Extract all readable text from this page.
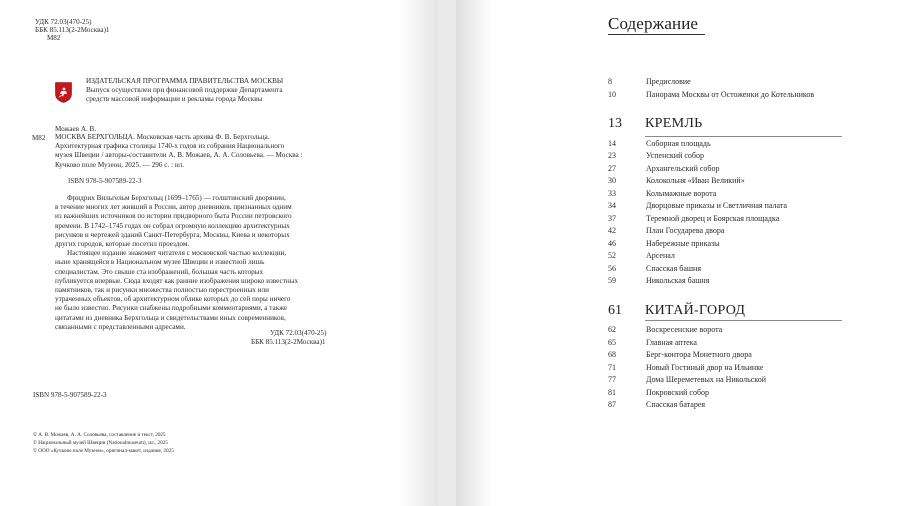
УДК 72.03(470-25)
ББК 85.113(2-2Москва)1
М82
ИЗДАТЕЛЬСКАЯ ПРОГРАММА ПРАВИТЕЛЬСТВА МОСКВЫ
Выпуск осуществлен при финансовой поддержке Департамента
средств массовой информации и рекламы города Москвы
Можаев А. В.
М82 МОСКВА БЕРХГОЛЬЦА. Московская часть архива Ф. В. Берхгольца.
Архитектурная графика столицы 1740-х годов из собрания Национального
музея Швеции / авторы-составители А. В. Можаев, А. А. Соловьева. — Москва :
Кучково поле Музеон, 2025. — 296 с. : ил.
ISBN 978-5-907589-22-3
Фридрих Вильгельм Берхгольц (1699–1765) — голштинский дворянин,
в течение многих лет живший в России, автор дневников, признанных одним
из важнейших источников по истории придворного быта России петровского
времени. В 1742–1745 годах он собрал огромную коллекцию архитектурных
рисунков и чертежей зданий Санкт-Петербурга, Москвы, Киева и некоторых
других городов, которые посетил проездом.
Настоящее издание знакомит читателя с московской частью коллекции,
ныне хранящейся в Национальном музее Швеции и известной лишь
специалистам. Это свыше ста изображений, большая часть которых
публикуется впервые. Сюда входят как ранние изображения широко известных
памятников, так и рисунки множества полностью перестроенных или
утраченных объектов, об архитектурном облике которых до сей поры ничего
не было известно. Рисунки снабжены подробными комментариями, а также
цитатами из дневника Берхгольца и свидетельствами иных современников,
связанными с представленными адресами.
УДК 72.03(470-25)
ББК 85.113(2-2Москва)1
ISBN 978-5-907589-22-3
© А. В. Можаев, А. А. Соловьева, составление и текст, 2025
© Национальный музей Швеции (Nationalmuseum), ил., 2025
© ООО «Кучково поле Музеон», оригинал-макет, издание, 2025
Содержание
8	Предисловие
10	Панорама Москвы от Остоженки до Котельников
13 КРЕМЛЬ
14	Соборная площадь
23	Успенский собор
27	Архангельский собор
30	Колокольня «Иван Великий»
33	Колымажные ворота
34	Дворцовые приказы и Светличная палата
37	Теремной дворец и Боярская площадка
42	План Государева двора
46	Набережные приказы
52	Арсенал
56	Спасская башня
59	Никольская башня
61 КИТАЙ-ГОРОД
62	Воскресенские ворота
65	Главная аптека
68	Берг-контора Монетного двора
71	Новый Гостиный двор на Ильинке
77	Дома Шереметевых на Никольской
81	Покровский собор
87	Спасская батарея
